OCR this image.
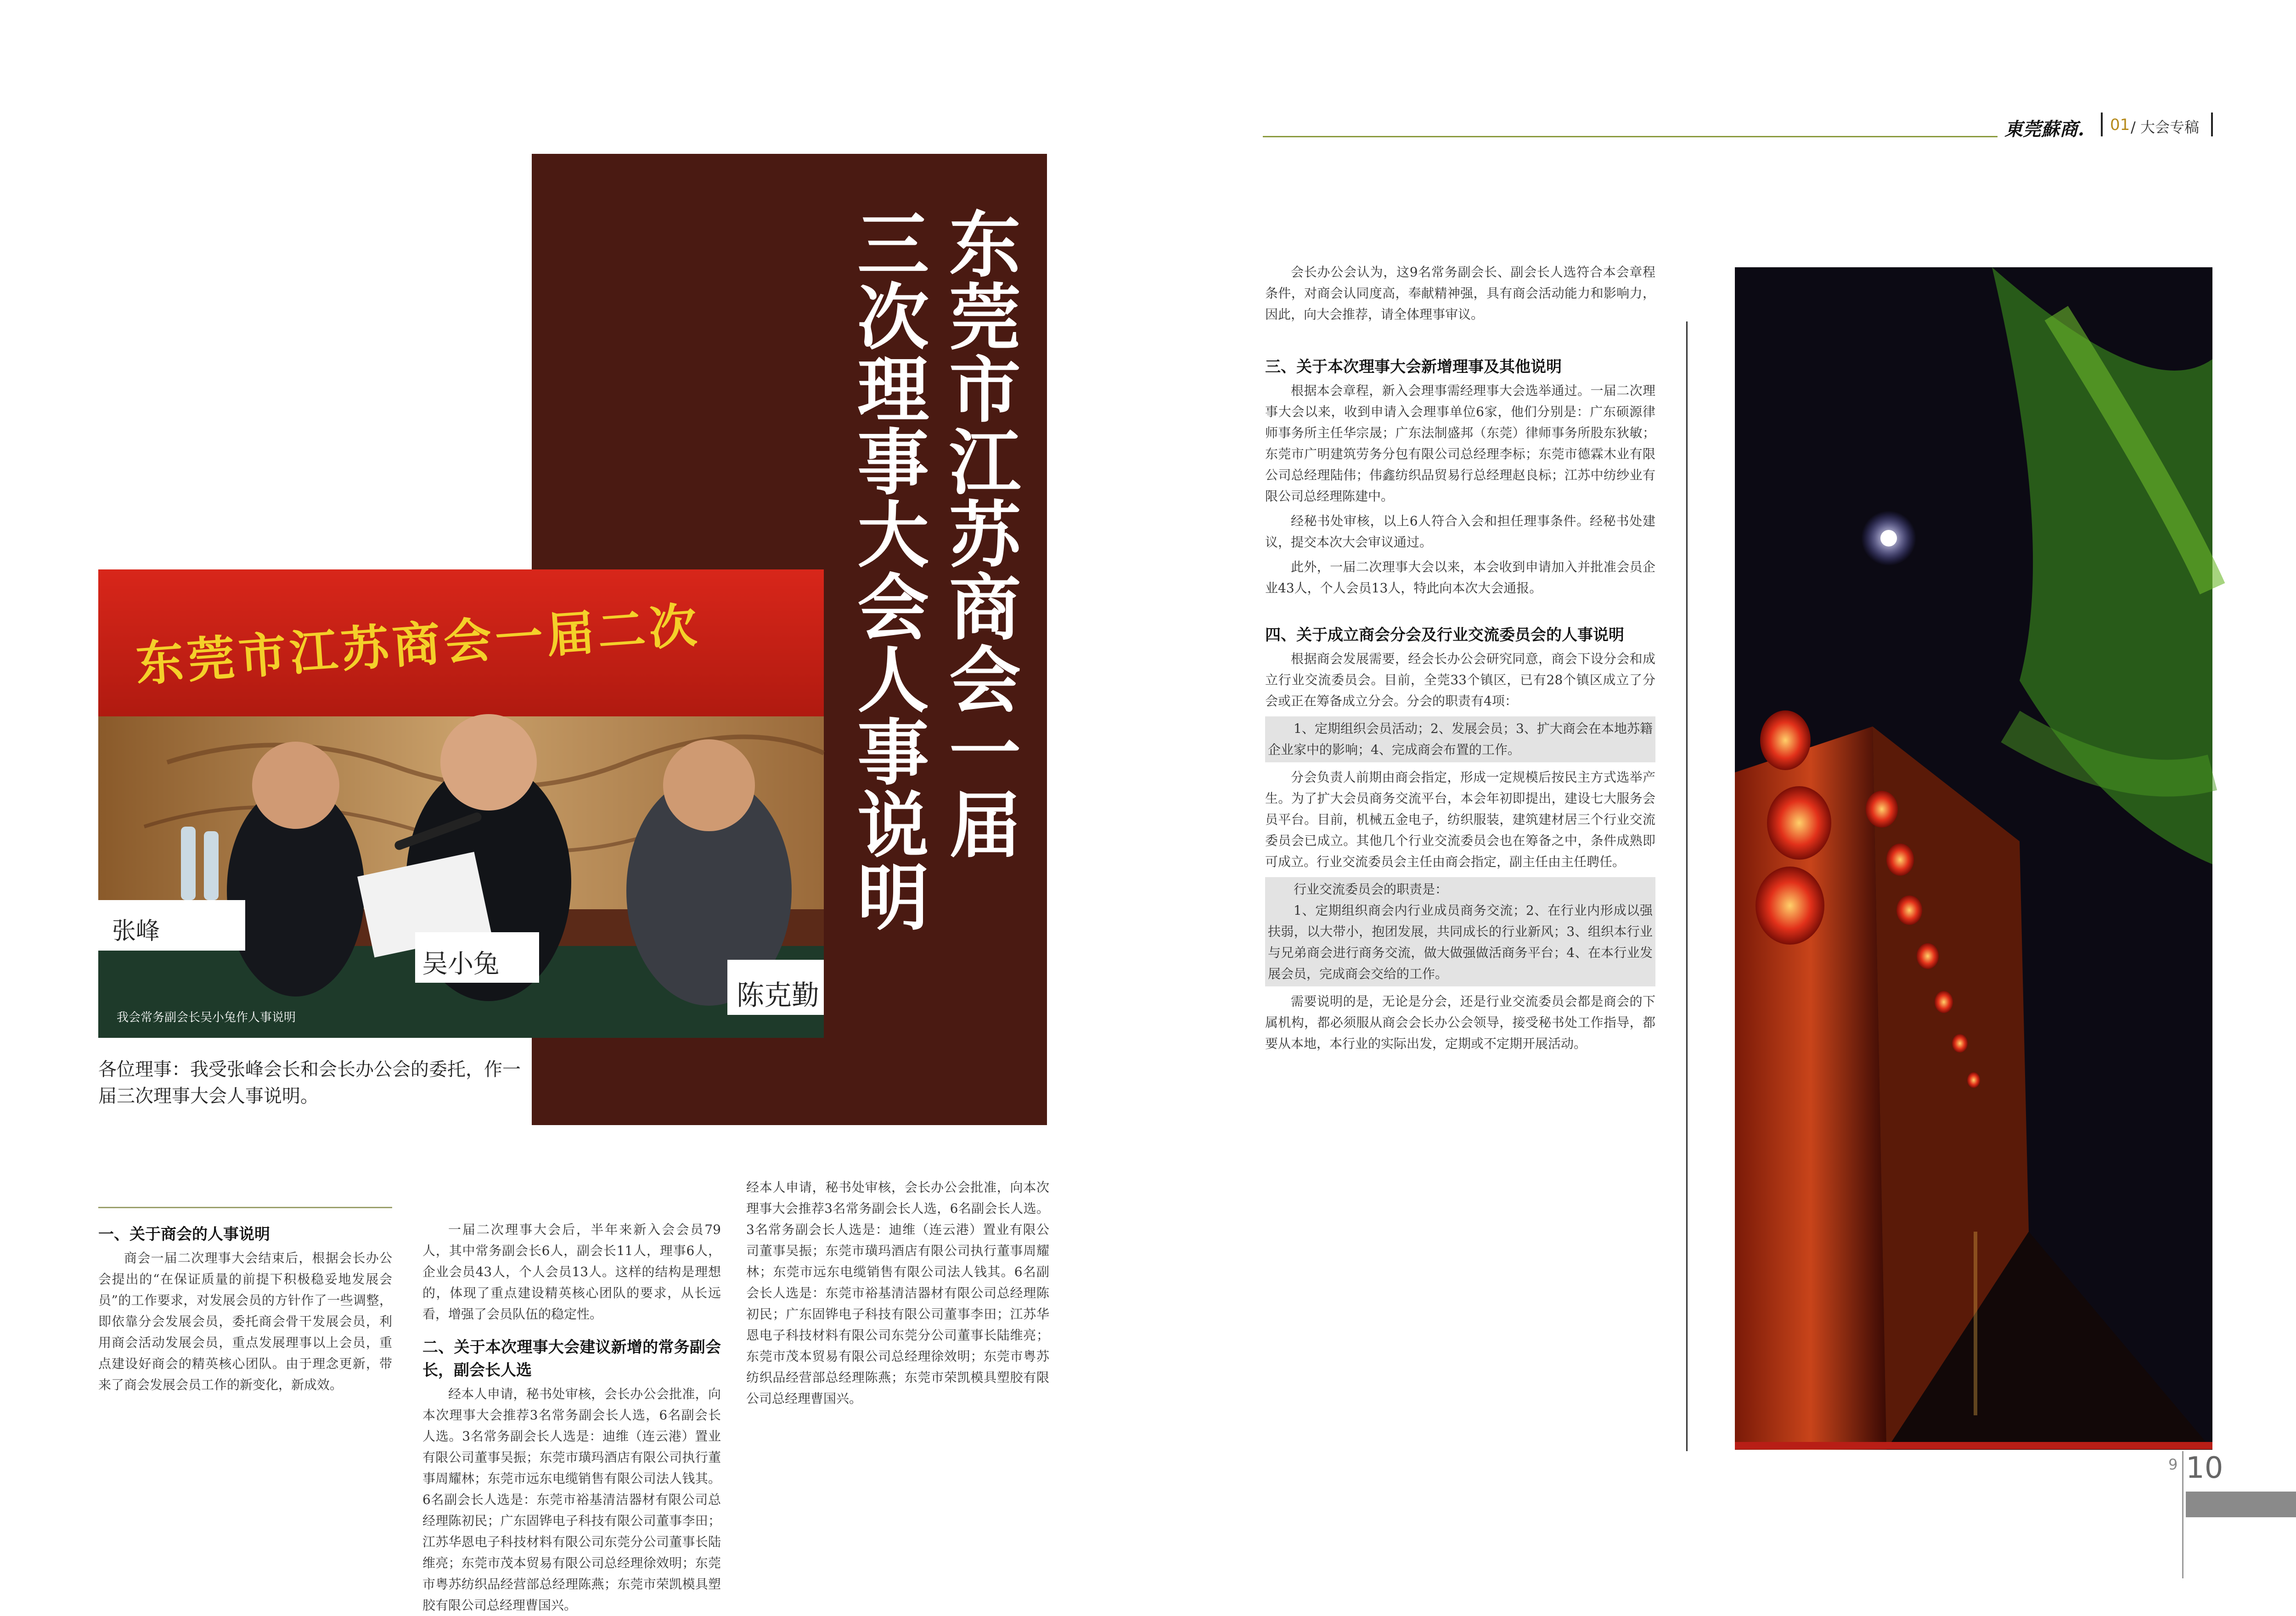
东莞市江苏商会一届
三次理事大会人事说明
东莞市江苏商会一届二次
张峰
吴小兔
陈克勤
我会常务副会长吴小兔作人事说明
各位理事：我受张峰会长和会长办公会的委托，作一届三次理事大会人事说明。
一、关于商会的人事说明

商会一届二次理事大会结束后，根据会长办公会提出的“在保证质量的前提下积极稳妥地发展会员”的工作要求，对发展会员的方针作了一些调整，即依靠分会发展会员，委托商会骨干发展会员，利用商会活动发展会员，重点发展理事以上会员，重点建设好商会的精英核心团队。由于理念更新，带来了商会发展会员工作的新变化，新成效。

一届二次理事大会后，半年来新入会会员79人，其中常务副会长6人，副会长11人，理事6人，企业会员43人，个人会员13人。这样的结构是理想的，体现了重点建设精英核心团队的要求，从长远看，增强了会员队伍的稳定性。

二、关于本次理事大会建议新增的常务副会长，副会长人选

经本人申请，秘书处审核，会长办公会批准，向本次理事大会推荐3名常务副会长人选，6名副会长人选。3名常务副会长人选是：迪维（连云港）置业有限公司董事吴振；东莞市璜玛酒店有限公司执行董事周耀林；东莞市远东电缆销售有限公司法人钱其。6名副会长人选是：东莞市裕基清洁器材有限公司总经理陈初民；广东固铧电子科技有限公司董事李田；江苏华恩电子科技材料有限公司东莞分公司董事长陆维亮；东莞市茂本贸易有限公司总经理徐效明；东莞市粤苏纺织品经营部总经理陈燕；东莞市荣凯模具塑胶有限公司总经理曹国兴。

经本人申请，秘书处审核，会长办公会批准，向本次理事大会推荐3名常务副会长人选，6名副会长人选。3名常务副会长人选是：迪维（连云港）置业有限公司董事吴振；东莞市璜玛酒店有限公司执行董事周耀林；东莞市远东电缆销售有限公司法人钱其。6名副会长人选是：东莞市裕基清洁器材有限公司总经理陈初民；广东固铧电子科技有限公司董事李田；江苏华恩电子科技材料有限公司东莞分公司董事长陆维亮；东莞市茂本贸易有限公司总经理徐效明；东莞市粤苏纺织品经营部总经理陈燕；东莞市荣凯模具塑胶有限公司总经理曹国兴。

東莞蘇商. 01 / 大会专稿

会长办公会认为，这9名常务副会长、副会长人选符合本会章程条件，对商会认同度高，奉献精神强，具有商会活动能力和影响力，因此，向大会推荐，请全体理事审议。

三、关于本次理事大会新增理事及其他说明

根据本会章程，新入会理事需经理事大会选举通过。一届二次理事大会以来，收到申请入会理事单位6家，他们分别是：广东硕源律师事务所主任华宗晟；广东法制盛邦（东莞）律师事务所股东狄敏；东莞市广明建筑劳务分包有限公司总经理李标；东莞市德霖木业有限公司总经理陆伟；伟鑫纺织品贸易行总经理赵良标；江苏中纺纱业有限公司总经理陈建中。

经秘书处审核，以上6人符合入会和担任理事条件。经秘书处建议，提交本次大会审议通过。

此外，一届二次理事大会以来，本会收到申请加入并批准会员企业43人，个人会员13人，特此向本次大会通报。

四、关于成立商会分会及行业交流委员会的人事说明

根据商会发展需要，经会长办公会研究同意，商会下设分会和成立行业交流委员会。目前，全莞33个镇区，已有28个镇区成立了分会或正在筹备成立分会。分会的职责有4项：

1、定期组织会员活动；2、发展会员；3、扩大商会在本地苏籍企业家中的影响；4、完成商会布置的工作。

分会负责人前期由商会指定，形成一定规模后按民主方式选举产生。为了扩大会员商务交流平台，本会年初即提出，建设七大服务会员平台。目前，机械五金电子，纺织服装，建筑建材居三个行业交流委员会已成立。其他几个行业交流委员会也在筹备之中，条件成熟即可成立。行业交流委员会主任由商会指定，副主任由主任聘任。

行业交流委员会的职责是：

1、定期组织商会内行业成员商务交流；2、在行业内形成以强扶弱，以大带小，抱团发展，共同成长的行业新风；3、组织本行业与兄弟商会进行商务交流，做大做强做活商务平台；4、在本行业发展会员，完成商会交给的工作。

需要说明的是，无论是分会，还是行业交流委员会都是商会的下属机构，都必须服从商会会长办公会领导，接受秘书处工作指导，都要从本地，本行业的实际出发，定期或不定期开展活动。

9 10
